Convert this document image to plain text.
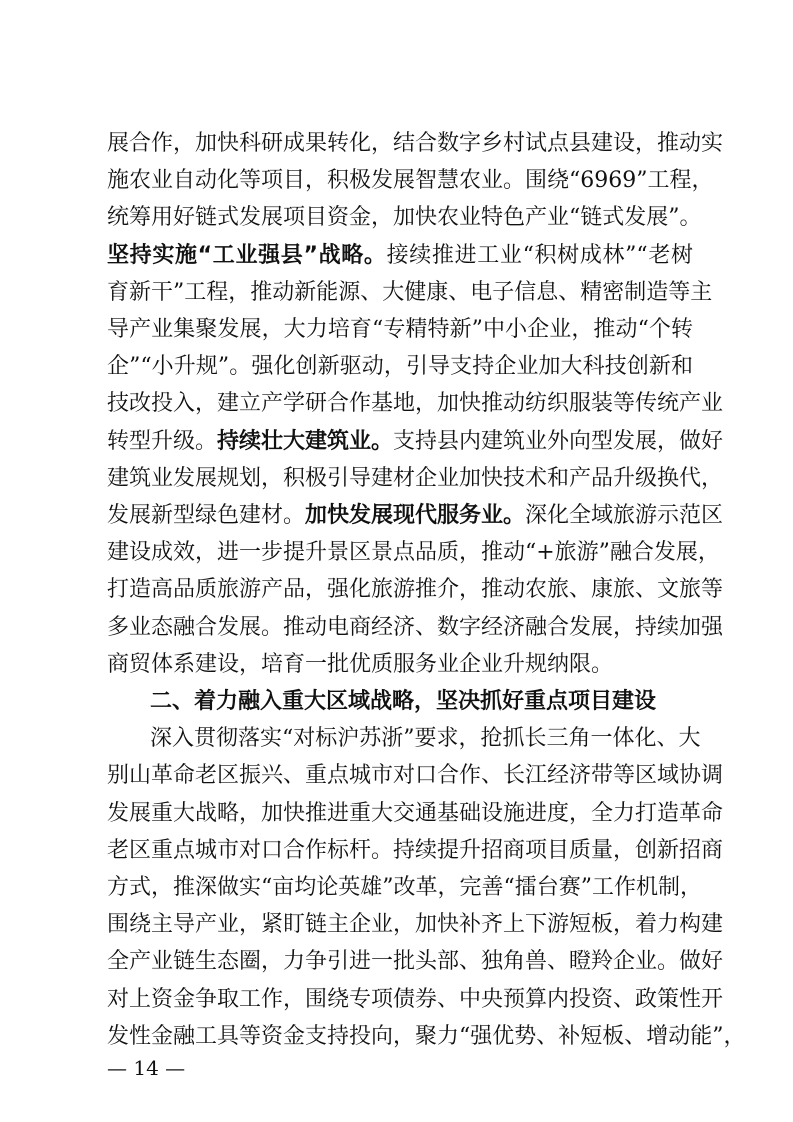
展合作，加快科研成果转化，结合数字乡村试点县建设，推动实
施农业自动化等项目，积极发展智慧农业。围绕“6969”工程，
统筹用好链式发展项目资金，加快农业特色产业“链式发展”。
坚持实施“工业强县”战略。接续推进工业“积树成林”“老树
育新干”工程，推动新能源、大健康、电子信息、精密制造等主
导产业集聚发展，大力培育“专精特新”中小企业，推动“个转
企”“小升规”。强化创新驱动，引导支持企业加大科技创新和
技改投入，建立产学研合作基地，加快推动纺织服装等传统产业
转型升级。持续壮大建筑业。支持县内建筑业外向型发展，做好
建筑业发展规划，积极引导建材企业加快技术和产品升级换代，
发展新型绿色建材。加快发展现代服务业。深化全域旅游示范区
建设成效，进一步提升景区景点品质，推动“+旅游”融合发展，
打造高品质旅游产品，强化旅游推介，推动农旅、康旅、文旅等
多业态融合发展。推动电商经济、数字经济融合发展，持续加强
商贸体系建设，培育一批优质服务业企业升规纳限。
二、着力融入重大区域战略，坚决抓好重点项目建设
深入贯彻落实“对标沪苏浙”要求，抢抓长三角一体化、大
别山革命老区振兴、重点城市对口合作、长江经济带等区域协调
发展重大战略，加快推进重大交通基础设施进度，全力打造革命
老区重点城市对口合作标杆。持续提升招商项目质量，创新招商
方式，推深做实“亩均论英雄”改革，完善“擂台赛”工作机制，
围绕主导产业，紧盯链主企业，加快补齐上下游短板，着力构建
全产业链生态圈，力争引进一批头部、独角兽、瞪羚企业。做好
对上资金争取工作，围绕专项债券、中央预算内投资、政策性开
发性金融工具等资金支持投向，聚力“强优势、补短板、增动能”，
— 14 —
